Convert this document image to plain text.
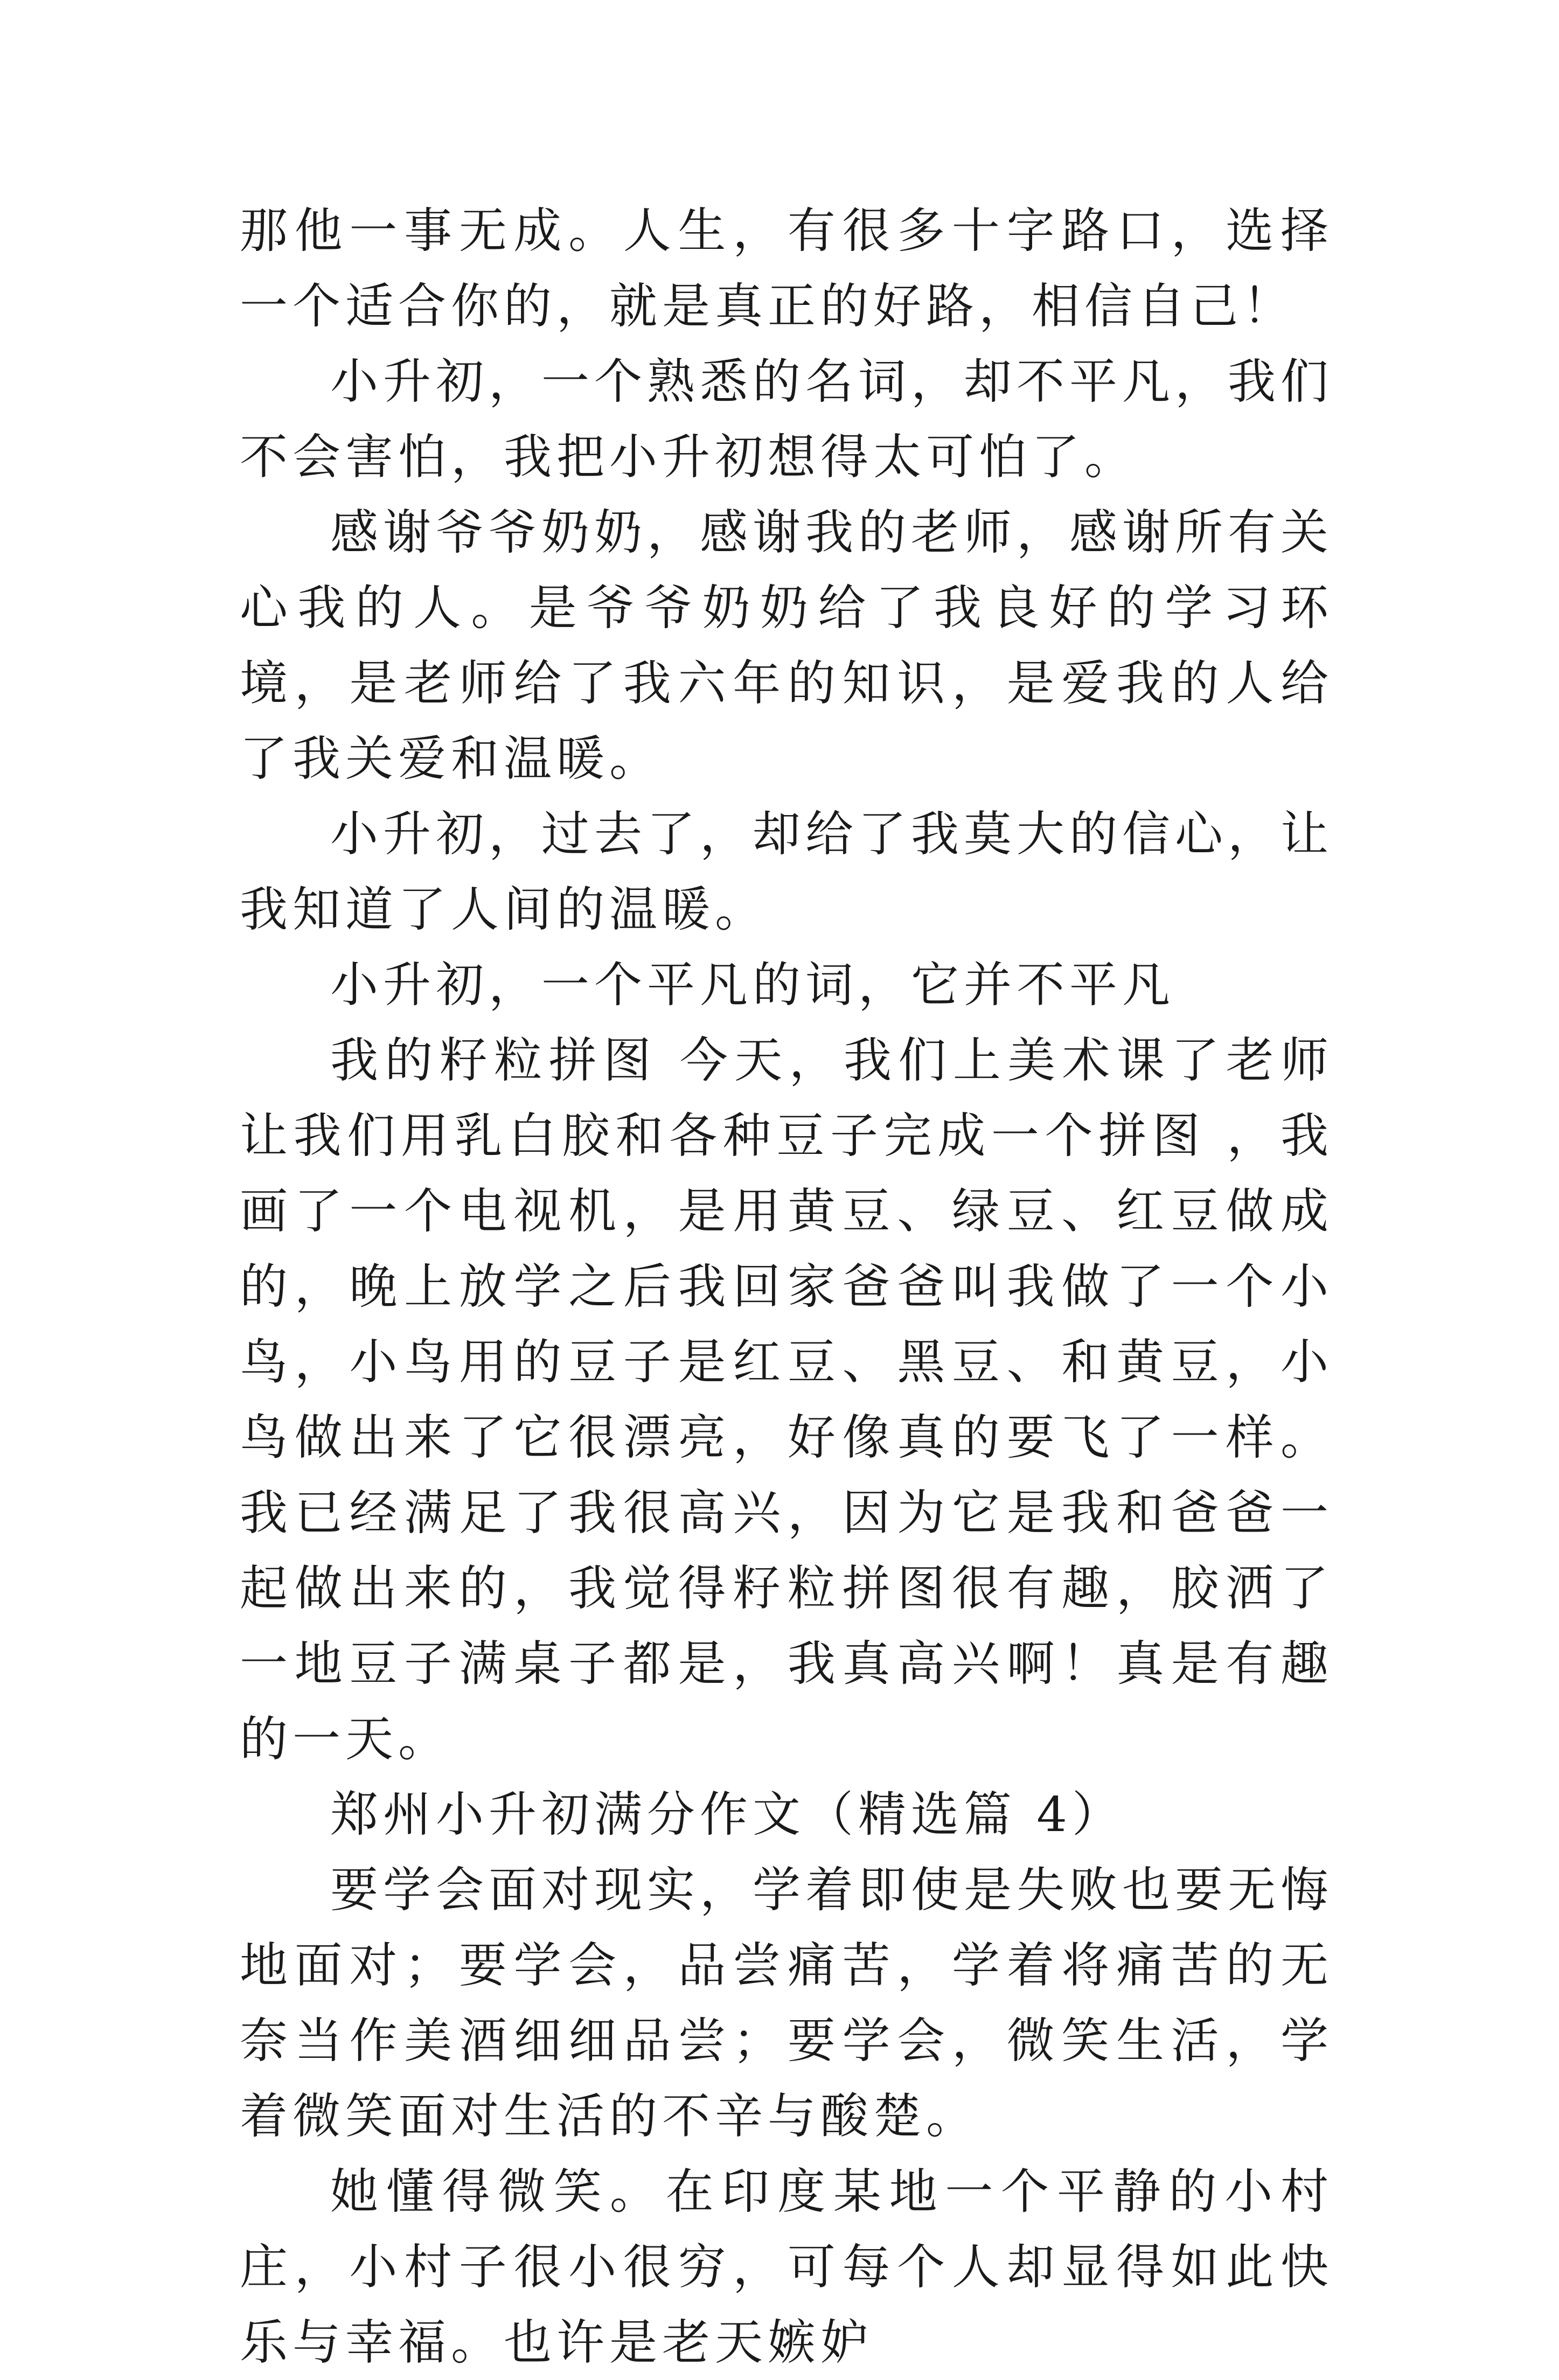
那他一事无成。人生，有很多十字路口，选择一个适合你的，就是真正的好路，相信自己！

小升初，一个熟悉的名词，却不平凡，我们不会害怕，我把小升初想得太可怕了。

感谢爷爷奶奶，感谢我的老师，感谢所有关心我的人。是爷爷奶奶给了我良好的学习环境，是老师给了我六年的知识，是爱我的人给了我关爱和温暖。

小升初，过去了，却给了我莫大的信心，让我知道了人间的温暖。

小升初，一个平凡的词，它并不平凡

我的籽粒拼图 今天，我们上美术课了老师让我们用乳白胶和各种豆子完成一个拼图 ，我画了一个电视机，是用黄豆、绿豆、红豆做成的，晚上放学之后我回家爸爸叫我做了一个小鸟，小鸟用的豆子是红豆、黑豆、和黄豆，小鸟做出来了它很漂亮，好像真的要飞了一样。 我已经满足了我很高兴，因为它是我和爸爸一起做出来的，我觉得籽粒拼图很有趣，胶洒了一地豆子满桌子都是，我真高兴啊！真是有趣的一天。

郑州小升初满分作文（精选篇 4）

要学会面对现实，学着即使是失败也要无悔地面对；要学会，品尝痛苦，学着将痛苦的无奈当作美酒细细品尝；要学会，微笑生活，学着微笑面对生活的不辛与酸楚。

她懂得微笑。在印度某地一个平静的小村庄，小村子很小很穷，可每个人却显得如此快乐与幸福。也许是老天嫉妒
